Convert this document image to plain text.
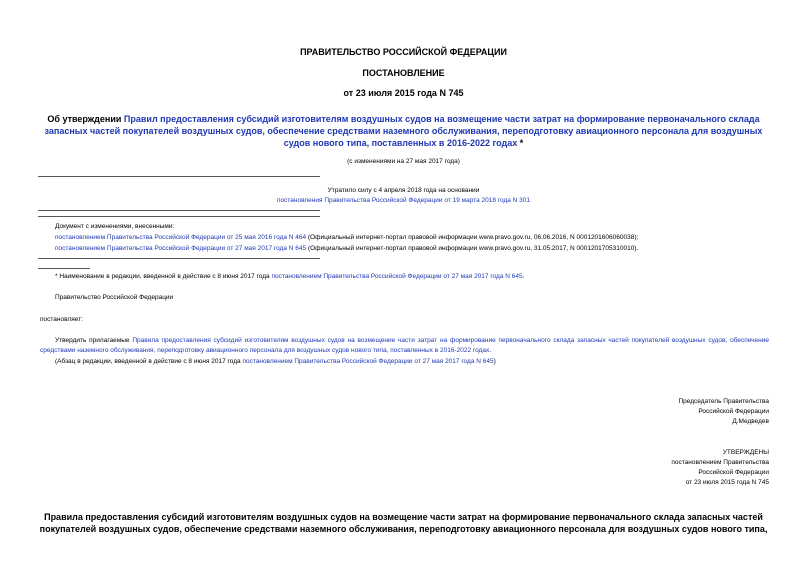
ПРАВИТЕЛЬСТВО РОССИЙСКОЙ ФЕДЕРАЦИИ
ПОСТАНОВЛЕНИЕ
от 23 июля 2015 года N 745
Об утверждении Правил предоставления субсидий изготовителям воздушных судов на возмещение части затрат на формирование первоначального склада запасных частей покупателей воздушных судов, обеспечение средствами наземного обслуживания, переподготовку авиационного персонала для воздушных судов нового типа, поставленных в 2016-2022 годах *
(с изменениями на 27 мая 2017 года)
Утратило силу с 4 апреля 2018 года на основании
постановления Правительства Российской Федерации от 19 марта 2018 года N 301
Документ с изменениями, внесенными:
постановлением Правительства Российской Федерации от 25 мая 2016 года N 464 (Официальный интернет-портал правовой информации www.pravo.gov.ru, 06.06.2016, N 0001201606060038);
постановлением Правительства Российской Федерации от 27 мая 2017 года N 645 (Официальный интернет-портал правовой информации www.pravo.gov.ru, 31.05.2017, N 0001201705310010).
* Наименование в редакции, введенной в действие с 8 июня 2017 года постановлением Правительства Российской Федерации от 27 мая 2017 года N 645.
Правительство Российской Федерации
постановляет:
Утвердить прилагаемые Правила предоставления субсидий изготовителям воздушных судов на возмещение части затрат на формирование первоначального склада запасных частей покупателей воздушных судов, обеспечение средствами наземного обслуживания, переподготовку авиационного персонала для воздушных судов нового типа, поставленных в 2016-2022 годах.
(Абзац в редакции, введенной в действие с 8 июня 2017 года постановлением Правительства Российской Федерации от 27 мая 2017 года N 645)
Председатель Правительства
Российской Федерации
Д.Медведев
УТВЕРЖДЕНЫ
постановлением Правительства
Российской Федерации
от 23 июля 2015 года N 745
Правила предоставления субсидий изготовителям воздушных судов на возмещение части затрат на формирование первоначального склада запасных частей
покупателей воздушных судов, обеспечение средствами наземного обслуживания, переподготовку авиационного персонала для воздушных судов нового типа,
